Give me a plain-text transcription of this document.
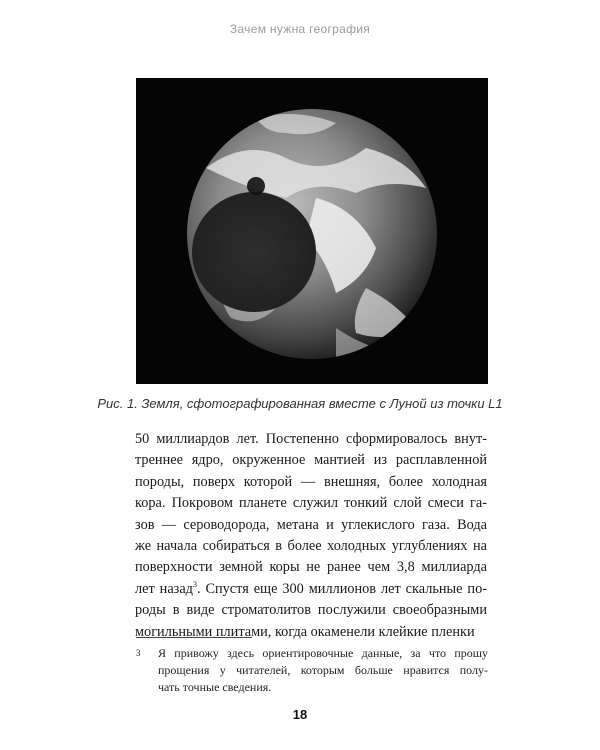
Зачем нужна география
Рис. 1. Земля, сфотографированная вместе с Луной из точки L1
50 миллиардов лет. Постепенно сформировалось внут-
треннее ядро, окруженное мантией из расплавленной
породы, поверх которой — внешняя, более холодная
кора. Покровом планете служил тонкий слой смеси га-
зов — сероводорода, метана и углекислого газа. Вода
же начала собираться в более холодных углублениях на
поверхности земной коры не ранее чем 3,8 миллиарда
лет назад$^3$. Спустя еще 300 миллионов лет скальные по-
роды в виде строматолитов послужили своеобразными
могильными плитами, когда окаменели клейкие пленки
3 Я привожу здесь ориентировочные данные, за что прошу
прощения у читателей, которым больше нравится полу-
чать точные сведения.
18
